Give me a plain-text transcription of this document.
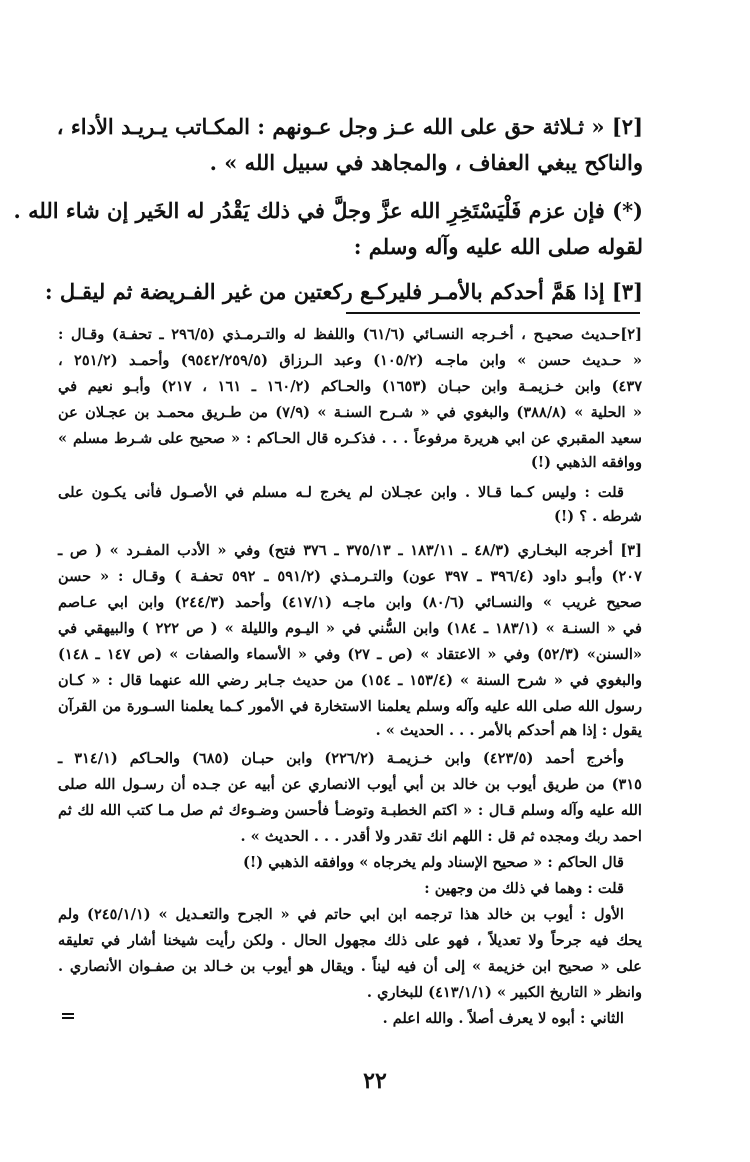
[٢] « ثـلاثة حق على الله عـز وجل عـونهم : المكـاتب يـريـد الأداء ،
والناكح يبغي العفاف ، والمجاهد في سبيل الله » .
(*) فإن عزم فَلْيَسْتَخِرِ الله عزَّ وجلَّ في ذلك يَقْدُر له الخَير إن شاء الله .
لقوله صلى الله عليه وآله وسلم :
[٣] إذا هَمَّ أحدكم بالأمـر فليركـع ركعتين من غير الفـريضة ثم ليقـل :
[٢]حـديث صحيـح ، أخـرجه النسـائي (٦١/٦) واللفظ له والتـرمـذي (٢٩٦/٥ ـ تحفـة) وقـال :
« حـديث حسن » وابن ماجـه (١٠٥/٢) وعبد الـرزاق (٩٥٤٢/٢٥٩/٥) وأحمـد (٢٥١/٢ ،
٤٣٧) وابن خـزيمـة وابن حبـان (١٦٥٣) والحـاكم (١٦٠/٢ ـ ١٦١ ، ٢١٧) وأبـو نعيم في
« الحلية » (٣٨٨/٨) والبغوي في « شـرح السنـة » (٧/٩) من طـريق محمـد بن عجـلان عن
سعيد المقبري عن ابي هريرة مرفوعاً . . . فذكـره قال الحـاكم : « صحيح على شـرط مسلم »
ووافقه الذهبي (!)
قلت : وليس كـما قـالا . وابن عجـلان لم يخرج لـه مسلم في الأصـول فأنى يكـون على
شرطه . ؟ (!)
[٣] أخرجه البخـاري (٤٨/٣ ـ ١٨٣/١١ ـ ٣٧٥/١٣ ـ ٣٧٦ فتح) وفي « الأدب المفـرد » ( ص ـ
٢٠٧) وأبـو داود (٣٩٦/٤ ـ ٣٩٧ عون) والتـرمـذي (٥٩١/٢ ـ ٥٩٢ تحفـة ) وقـال : « حسن
صحيح غريب » والنسـائي (٨٠/٦) وابن ماجـه (٤١٧/١) وأحمد (٢٤٤/٣) وابن ابي عـاصم
في « السنـة » (١٨٣/١ ـ ١٨٤) وابن السُّني في « اليـوم والليلة » ( ص ٢٢٢ ) والبيهقي في
«السنن» (٥٢/٣) وفي « الاعتقاد » (ص ـ ٢٧) وفي « الأسماء والصفات » (ص ١٤٧ ـ ١٤٨)
والبغوي في « شرح السنة » (١٥٣/٤ ـ ١٥٤) من حديث جـابر رضي الله عنهما قال : « كـان
رسول الله صلى الله عليه وآله وسلم يعلمنا الاستخارة في الأمور كـما يعلمنا السـورة من القرآن
يقول : إذا هم أحدكم بالأمر . . . الحديث » .
وأخرج أحمد (٤٢٣/٥) وابن خـزيمـة (٢٢٦/٢) وابن حبـان (٦٨٥) والحـاكم (٣١٤/١ ـ
٣١٥) من طريق أيوب بن خالد بن أبي أيوب الانصاري عن أبيه عن جـده أن رسـول الله صلى
الله عليه وآله وسلم قـال : « اكتم الخطبـة وتوضـأ فأحسن وضـوءك ثم صل مـا كتب الله لك ثم
احمد ربك ومجده ثم قل : اللهم انك تقدر ولا أقدر . . . الحديث » .
قال الحاكم : « صحيح الإسناد ولم يخرجاه » ووافقه الذهبي (!)
قلت : وهما في ذلك من وجهين :
الأول : أيوب بن خالد هذا ترجمه ابن ابي حاتم في « الجرح والتعـديل » (٢٤٥/١/١) ولم
يحك فيه جرحاً ولا تعديلاً ، فهو على ذلك مجهول الحال . ولكن رأيت شيخنا أشار في تعليقه
على « صحيح ابن خزيمة » إلى أن فيه ليناً . ويقال هو أيوب بن خـالد بن صفـوان الأنصاري .
وانظر « التاريخ الكبير » (٤١٣/١/١) للبخاري .
الثاني : أبوه لا يعرف أصلاً . والله اعلم .
٢٢
